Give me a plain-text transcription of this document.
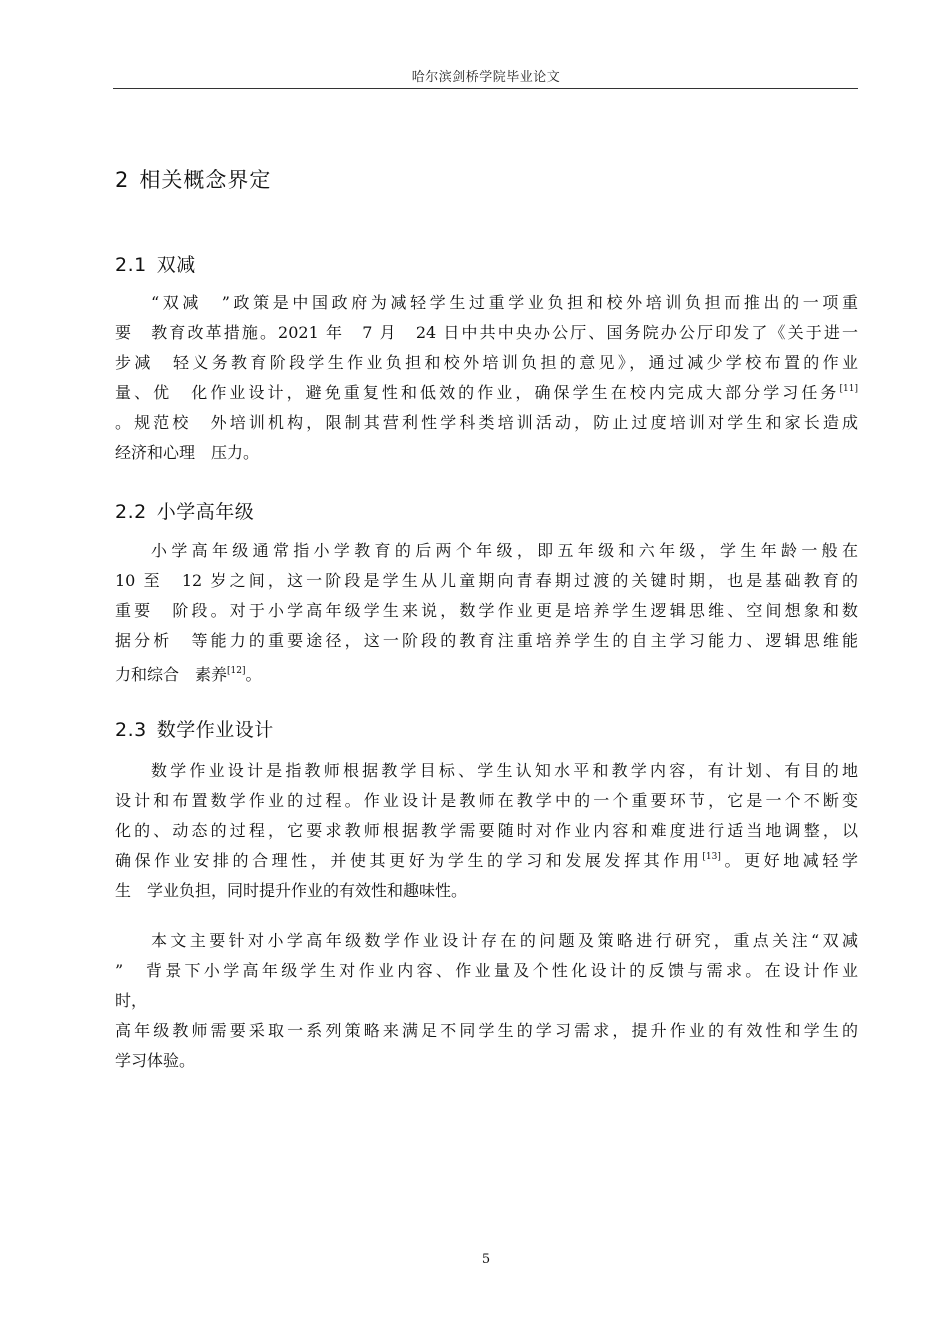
哈尔滨剑桥学院毕业论文
2 相关概念界定
2.1 双减
“双减　”政策是中国政府为减轻学生过重学业负担和校外培训负担而推出的一项重
要　教育改革措施。2021 年　7 月　24 日中共中央办公厅、国务院办公厅印发了《关于进一
步减　轻义务教育阶段学生作业负担和校外培训负担的意见》，通过减少学校布置的作业
量、优　化作业设计，避免重复性和低效的作业，确保学生在校内完成大部分学习任务[11]
。规范校　外培训机构，限制其营利性学科类培训活动，防止过度培训对学生和家长造成
经济和心理　压力。
2.2 小学高年级
小学高年级通常指小学教育的后两个年级，即五年级和六年级，学生年龄一般在
10 至　12 岁之间，这一阶段是学生从儿童期向青春期过渡的关键时期，也是基础教育的
重要　阶段。对于小学高年级学生来说，数学作业更是培养学生逻辑思维、空间想象和数
据分析　等能力的重要途径，这一阶段的教育注重培养学生的自主学习能力、逻辑思维能
力和综合　素养[12]。
2.3 数学作业设计
数学作业设计是指教师根据教学目标、学生认知水平和教学内容，有计划、有目的地
设计和布置数学作业的过程。作业设计是教师在教学中的一个重要环节，它是一个不断变
化的、动态的过程，它要求教师根据教学需要随时对作业内容和难度进行适当地调整，以
确保作业安排的合理性，并使其更好为学生的学习和发展发挥其作用[13]。更好地减轻学
生　学业负担，同时提升作业的有效性和趣味性。
本文主要针对小学高年级数学作业设计存在的问题及策略进行研究，重点关注“双减
”　背景下小学高年级学生对作业内容、作业量及个性化设计的反馈与需求。在设计作业
时，
高年级教师需要采取一系列策略来满足不同学生的学习需求，提升作业的有效性和学生的
学习体验。
5
